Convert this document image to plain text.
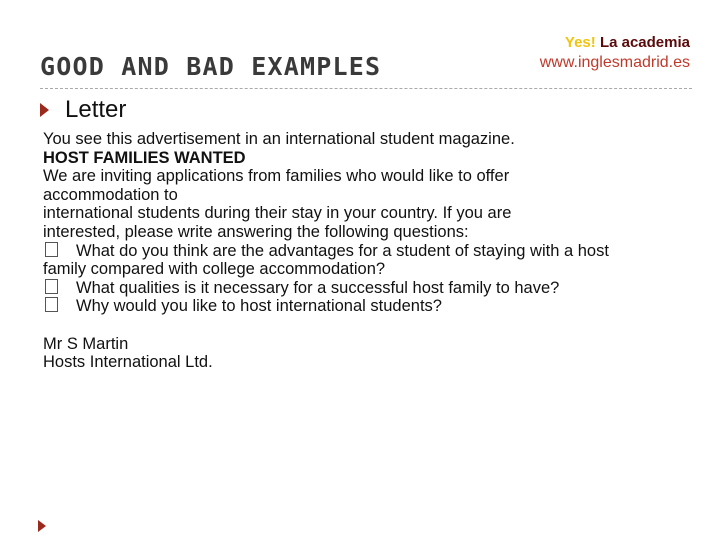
GOOD AND BAD EXAMPLES
Yes! La academia
www.inglesmadrid.es
Letter
You see this advertisement in an international student magazine.
HOST FAMILIES WANTED
We are inviting applications from families who would like to offer
accommodation to
international students during their stay in your country. If you are
interested, please write answering the following questions:
What do you think are the advantages for a student of staying with a host
family compared with college accommodation?
What qualities is it necessary for a successful host family to have?
Why would you like to host international students?
Mr S Martin
Hosts International Ltd.
